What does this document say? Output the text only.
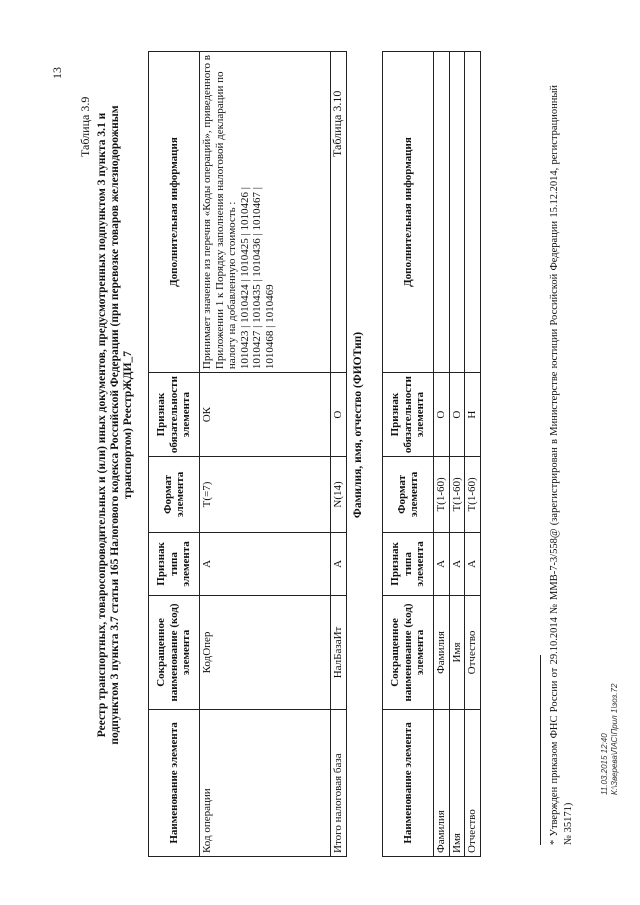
13
Таблица 3.9 Реестр транспортных, товаросопроводительных и (или) иных документов, предусмотренных подпунктом 3 пункта 3.1 и подпунктом 3 пункта 3.7 статьи 165 Налогового кодекса Российской Федерации (при перевозке товаров железнодорожным транспортом) РеестрЖДИ_7
Наименование элемента	Сокращенное наименование (код) элемента	Признак типа элемента	Формат элемента	Признак обязательности элемента	Дополнительная информация
Код операции	КодОпер	А	T(=7)	ОК	Принимает значение из перечня «Коды операций», приведенного в Приложении 1 к Порядку заполнения налоговой декларации по налогу на добавленную стоимость :
1010423 | 1010424 | 1010425 | 1010426 |
1010427 | 1010435 | 1010436 | 1010467 |
1010468 | 1010469
Итого налоговая база	НалБазаИт	А	N(14)	О	
Таблица 3.10
Фамилия, имя, отчество (ФИОТип)
Наименование элемента	Сокращенное наименование (код) элемента	Признак типа элемента	Формат элемента	Признак обязательности элемента	Дополнительная информация
Фамилия	Фамилия	А	T(1-60)	О	
Имя	Имя	А	T(1-60)	О	
Отчество	Отчество	А	T(1-60)	Н		* Утвержден приказом ФНС России от 29.10.2014 № ММВ-7-3/558@ (зарегистрирован в Министерстве юстиции Российской Федерации 15.12.2014, регистрационный № 35171)
11.03.2015 12:40 К:\Зверева\ЛАС\Прил 1\зоз.72
